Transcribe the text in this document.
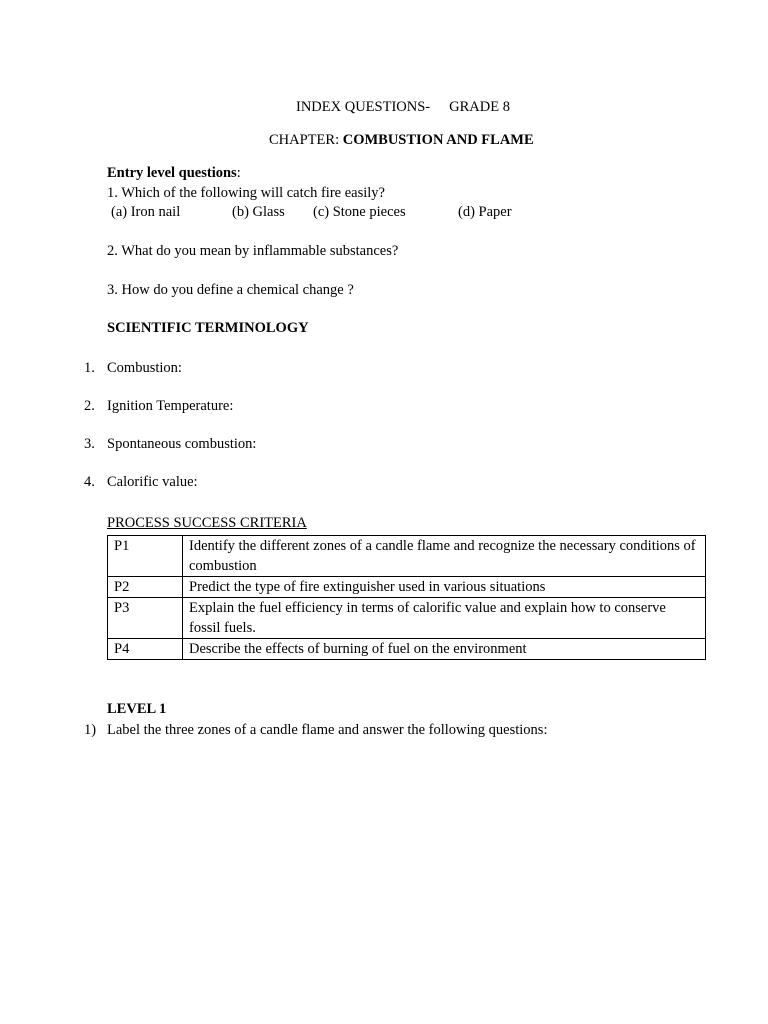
INDEX QUESTIONS- GRADE 8
CHAPTER: COMBUSTION AND FLAME
Entry level questions:
1. Which of the following will catch fire easily?
(a) Iron nail	(b) Glass (c) Stone pieces	(d) Paper
2. What do you mean by inflammable substances?
3. How do you define a chemical change ?
SCIENTIFIC TERMINOLOGY
1. Combustion:
2. Ignition Temperature:
3. Spontaneous combustion:
4. Calorific value:
PROCESS SUCCESS CRITERIA
P1	Identify the different zones of a candle flame and recognize the necessary conditions of combustion
P2	Predict the type of fire extinguisher used in various situations
P3	Explain the fuel efficiency in terms of calorific value and explain how to conserve fossil fuels.
P4	Describe the effects of burning of fuel on the environment
LEVEL 1
1) Label the three zones of a candle flame and answer the following questions:
